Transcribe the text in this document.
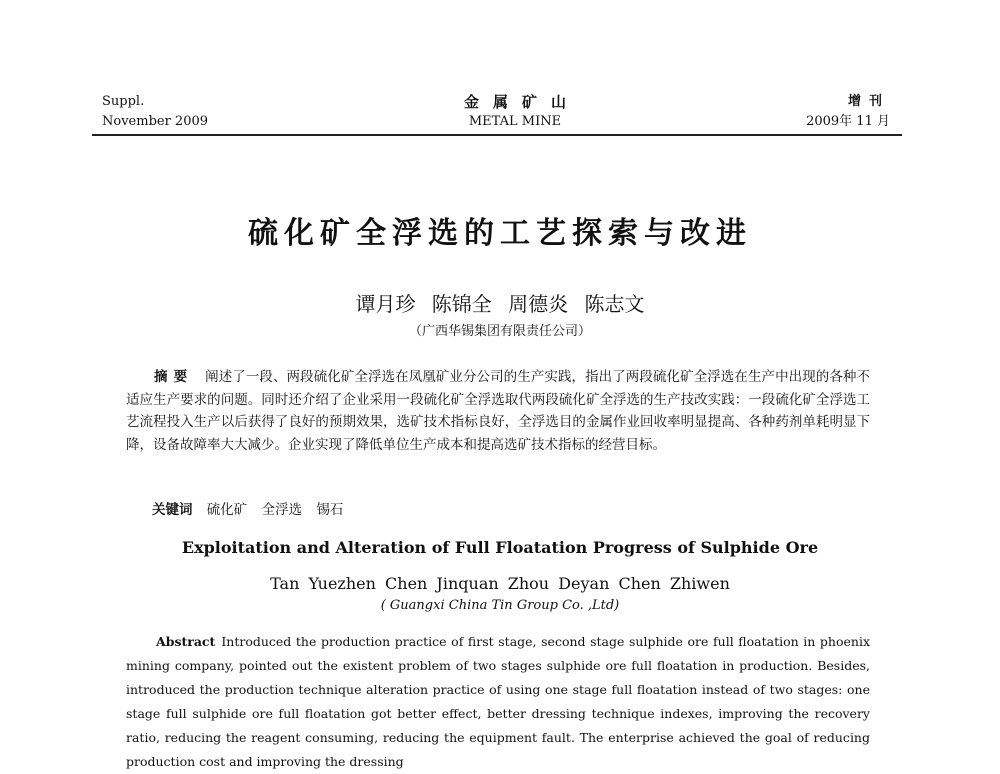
Suppl.
November 2009
金属矿山
METAL MINE
增刊
2009年 11 月
硫化矿全浮选的工艺探索与改进
谭月珍 陈锦全 周德炎 陈志文
（广西华锡集团有限责任公司）
摘要 阐述了一段、两段硫化矿全浮选在凤凰矿业分公司的生产实践，指出了两段硫化矿全浮选在生产中出现的各种不适应生产要求的问题。同时还介绍了企业采用一段硫化矿全浮选取代两段硫化矿全浮选的生产技改实践：一段硫化矿全浮选工艺流程投入生产以后获得了良好的预期效果，选矿技术指标良好，全浮选目的金属作业回收率明显提高、各种药剂单耗明显下降，设备故障率大大减少。企业实现了降低单位生产成本和提高选矿技术指标的经营目标。
关键词 硫化矿 全浮选 锡石
Exploitation and Alteration of Full Floatation Progress of Sulphide Ore
Tan Yuezhen Chen Jinquan Zhou Deyan Chen Zhiwen
( Guangxi China Tin Group Co. ,Ltd)
Abstract Introduced the production practice of first stage, second stage sulphide ore full floatation in phoenix mining company, pointed out the existent problem of two stages sulphide ore full floatation in production. Besides, introduced the production technique alteration practice of using one stage full floatation instead of two stages: one stage full sulphide ore full floatation got better effect, better dressing technique indexes, improving the recovery ratio, reducing the reagent consuming, reducing the equipment fault. The enterprise achieved the goal of reducing production cost and improving the dressing
